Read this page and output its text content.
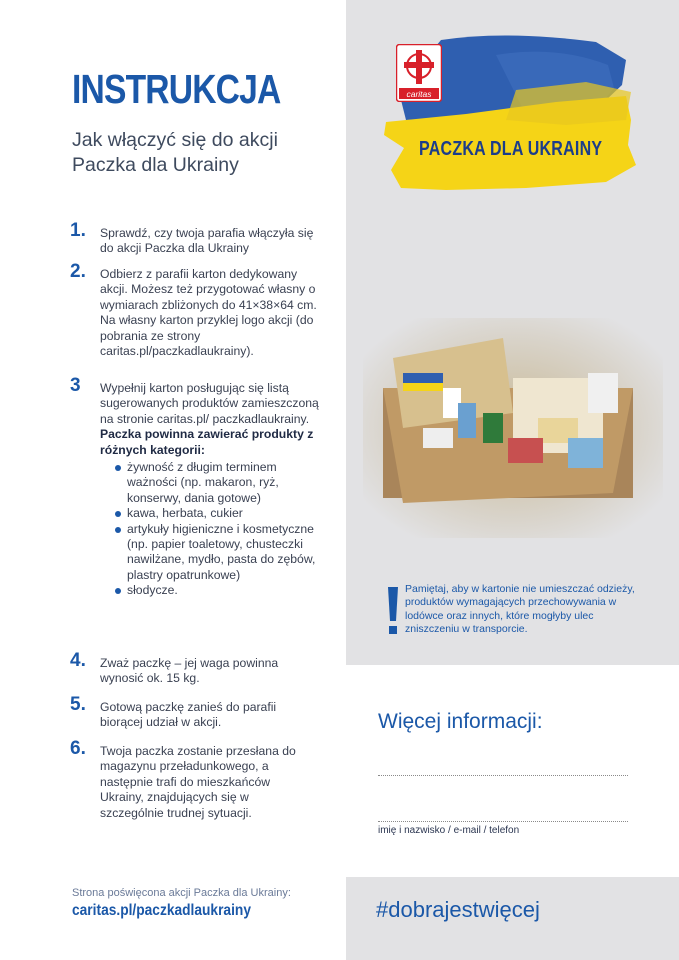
INSTRUKCJA
Jak włączyć się do akcji
Paczka dla Ukrainy
1. Sprawdź, czy twoja parafia włączyła się do akcji Paczka dla Ukrainy
2. Odbierz z parafii karton dedykowany akcji. Możesz też przygotować własny o wymiarach zbliżonych do 41×38×64 cm. Na własny karton przyklej logo akcji (do pobrania ze strony caritas.pl/paczkadlaukrainy).
3 Wypełnij karton posługując się listą sugerowanych produktów zamieszczoną na stronie caritas.pl/ paczkadlaukrainy. Paczka powinna zawierać produkty z różnych kategorii:
żywność z długim terminem ważności (np. makaron, ryż, konserwy, dania gotowe)
kawa, herbata, cukier
artykuły higieniczne i kosmetyczne (np. papier toaletowy, chusteczki nawilżane, mydło, pasta do zębów, plastry opatrunkowe)
słodycze.
4. Zważ paczkę – jej waga powinna wynosić ok. 15 kg.
5. Gotową paczkę zanieś do parafii biorącej udział w akcji.
6. Twoja paczka zostanie przesłana do magazynu przeładunkowego, a następnie trafi do mieszkańców Ukrainy, znajdujących się w szczególnie trudnej sytuacji.
Strona poświęcona akcji Paczka dla Ukrainy:
caritas.pl/paczkadlaukrainy
PACZKA DLA UKRAINY
caritas
Pamiętaj, aby w kartonie nie umieszczać odzieży, produktów wymagających przechowywania w lodówce oraz innych, które mogłyby ulec zniszczeniu w transporcie.
Więcej informacji:
imię i nazwisko / e-mail / telefon
#dobrajestwięcej
